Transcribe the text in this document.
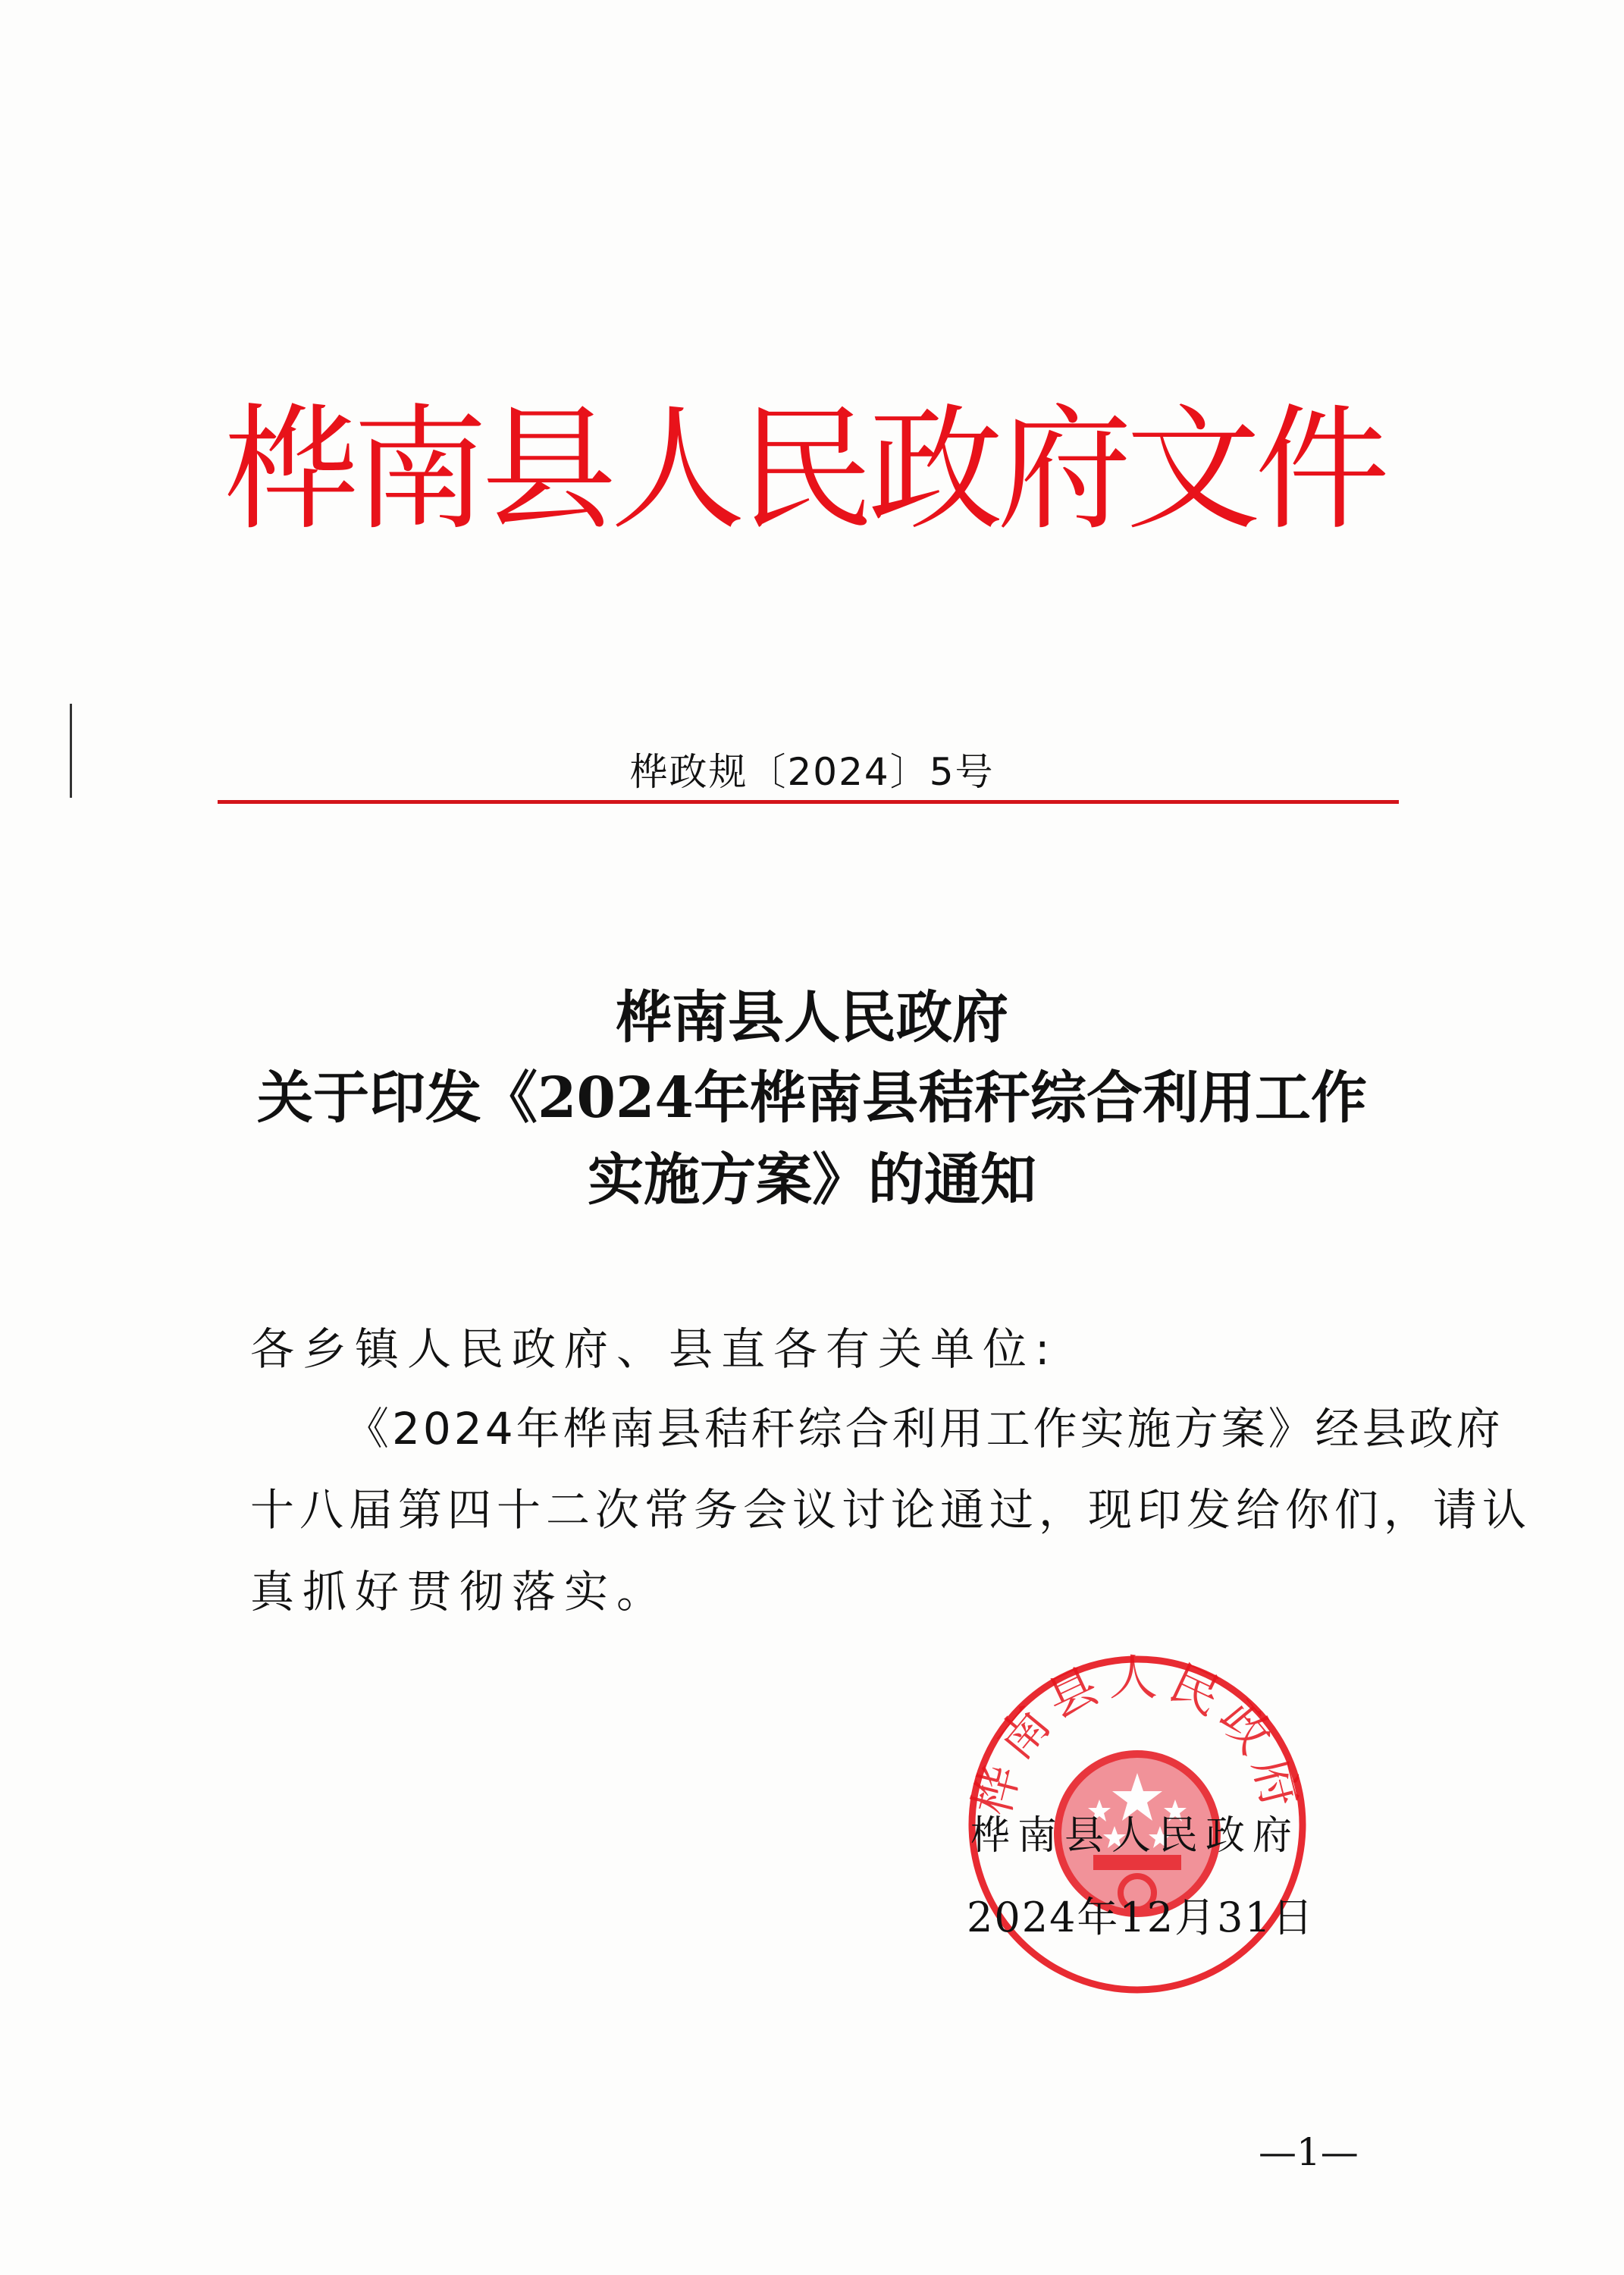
桦南县人民政府文件
桦政规〔2024〕5号
桦南县人民政府
关于印发《2024年桦南县秸秆综合利用工作
实施方案》的通知
各乡镇人民政府、县直各有关单位:
《2024年桦南县秸秆综合利用工作实施方案》经县政府
十八届第四十二次常务会议讨论通过，现印发给你们，请认
真抓好贯彻落实。
桦南县人民政府
桦南县人民政府
2024年12月31日
—1—
